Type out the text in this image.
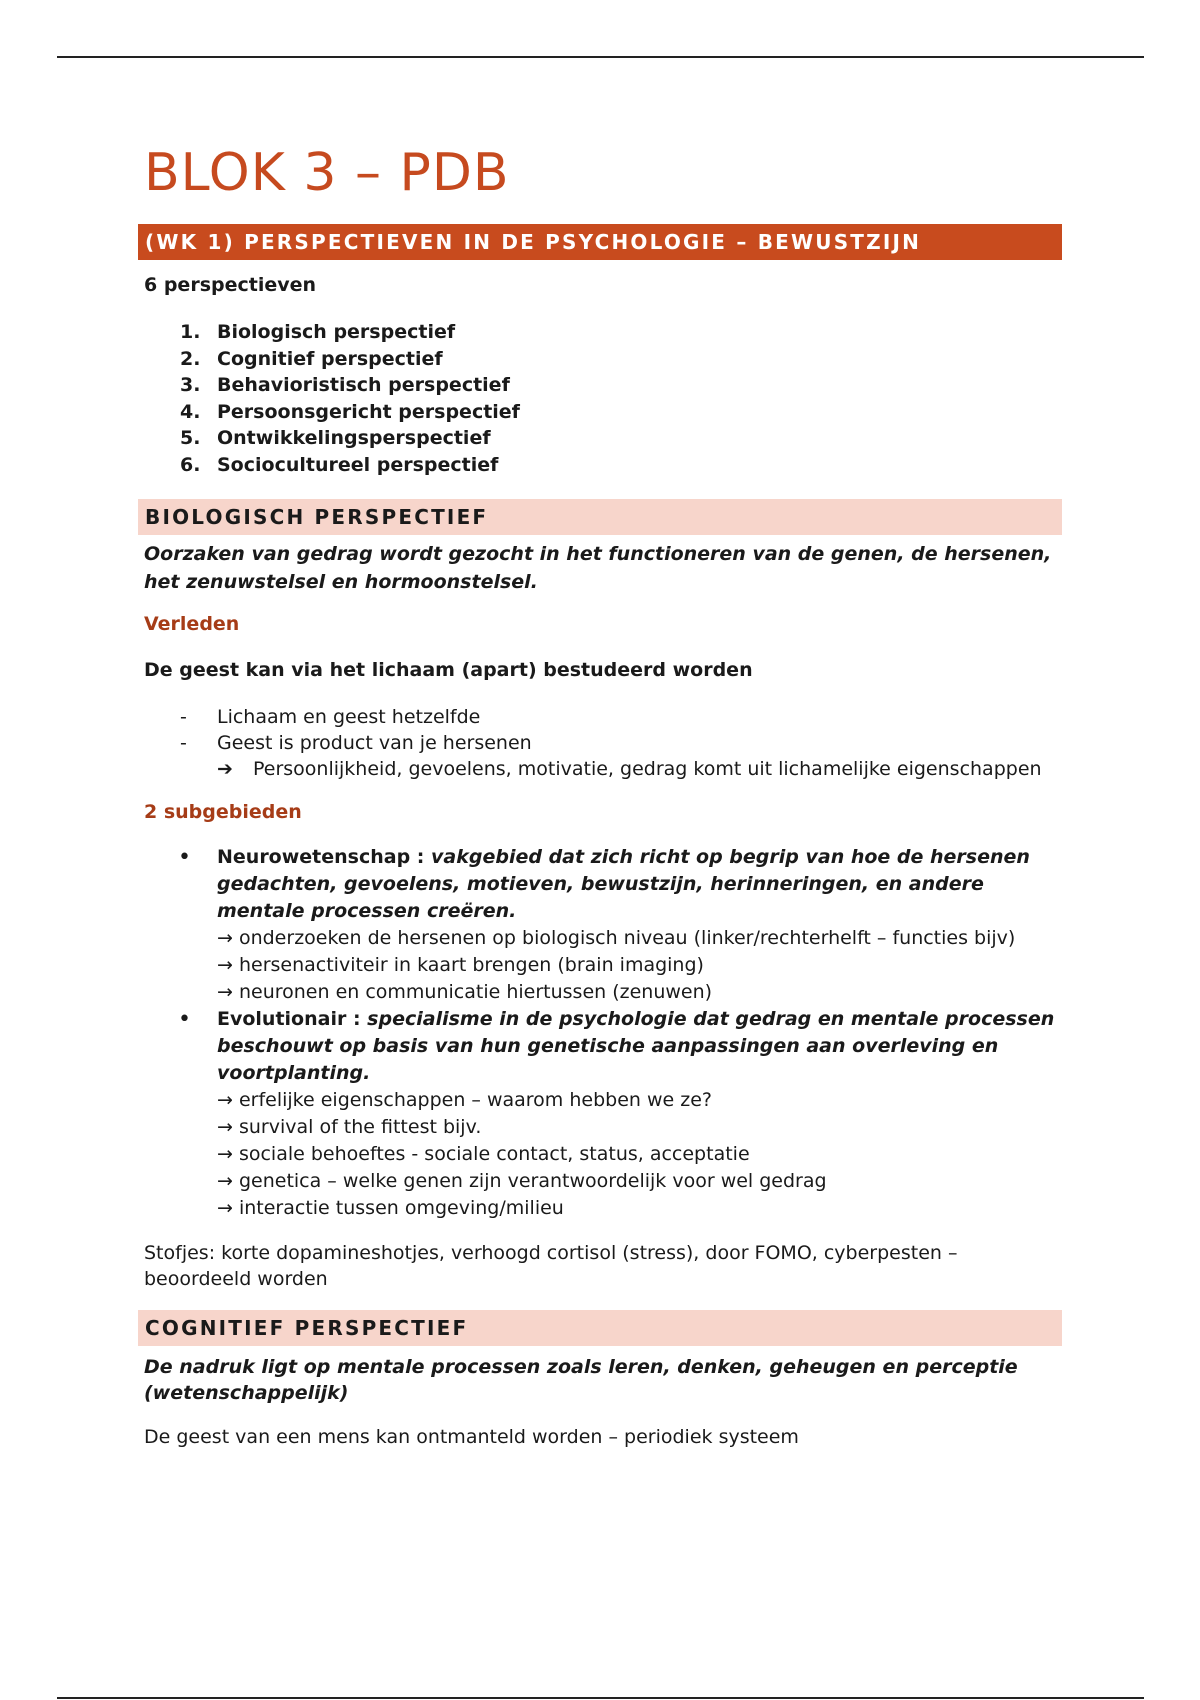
BLOK 3 – PDB
(WK 1) PERSPECTIEVEN IN DE PSYCHOLOGIE – BEWUSTZIJN

6 perspectieven

1. Biologisch perspectief
2. Cognitief perspectief
3. Behavioristisch perspectief
4. Persoonsgericht perspectief
5. Ontwikkelingsperspectief
6. Sociocultureel perspectief
BIOLOGISCH PERSPECTIEF

Oorzaken van gedrag wordt gezocht in het functioneren van de genen, de hersenen, het zenuwstelsel en hormoonstelsel.

Verleden

De geest kan via het lichaam (apart) bestudeerd worden

- Lichaam en geest hetzelfde
- Geest is product van je hersenen
➔ Persoonlijkheid, gevoelens, motivatie, gedrag komt uit lichamelijke eigenschappen

2 subgebieden

• Neurowetenschap : vakgebied dat zich richt op begrip van hoe de hersenen gedachten, gevoelens, motieven, bewustzijn, herinneringen, en andere mentale processen creëren.
→ onderzoeken de hersenen op biologisch niveau (linker/rechterhelft – functies bijv)
→ hersenactiviteir in kaart brengen (brain imaging)
→ neuronen en communicatie hiertussen (zenuwen)
• Evolutionair : specialisme in de psychologie dat gedrag en mentale processen beschouwt op basis van hun genetische aanpassingen aan overleving en voortplanting.
→ erfelijke eigenschappen – waarom hebben we ze?
→ survival of the fittest bijv.
→ sociale behoeftes - sociale contact, status, acceptatie
→ genetica – welke genen zijn verantwoordelijk voor wel gedrag
→ interactie tussen omgeving/milieu

Stofjes: korte dopamineshotjes, verhoogd cortisol (stress), door FOMO, cyberpesten – beoordeeld worden

COGNITIEF PERSPECTIEF

De nadruk ligt op mentale processen zoals leren, denken, geheugen en perceptie (wetenschappelijk)

De geest van een mens kan ontmanteld worden – periodiek systeem
